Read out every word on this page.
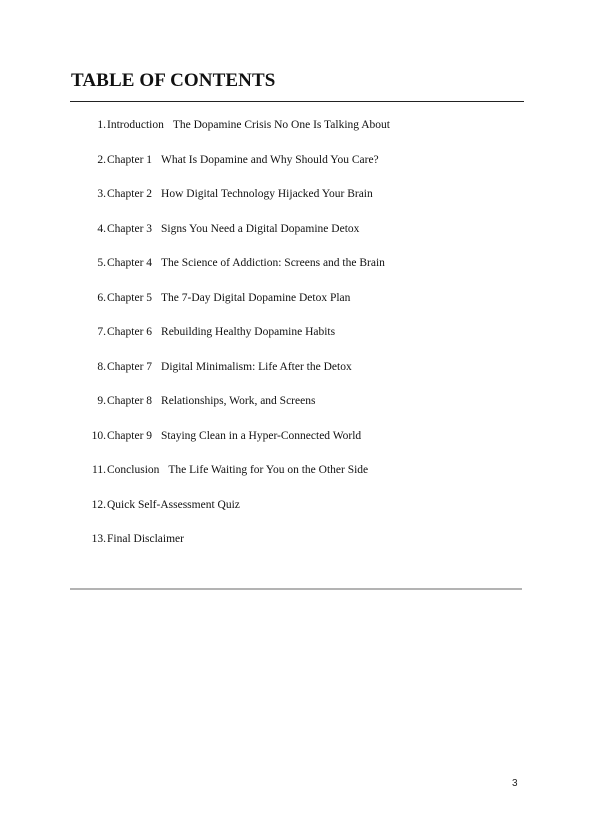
TABLE OF CONTENTS
1. Introduction The Dopamine Crisis No One Is Talking About
2. Chapter 1 What Is Dopamine and Why Should You Care?
3. Chapter 2 How Digital Technology Hijacked Your Brain
4. Chapter 3 Signs You Need a Digital Dopamine Detox
5. Chapter 4 The Science of Addiction: Screens and the Brain
6. Chapter 5 The 7-Day Digital Dopamine Detox Plan
7. Chapter 6 Rebuilding Healthy Dopamine Habits
8. Chapter 7 Digital Minimalism: Life After the Detox
9. Chapter 8 Relationships, Work, and Screens
10. Chapter 9 Staying Clean in a Hyper-Connected World
11. Conclusion The Life Waiting for You on the Other Side
12. Quick Self-Assessment Quiz
13. Final Disclaimer
3
